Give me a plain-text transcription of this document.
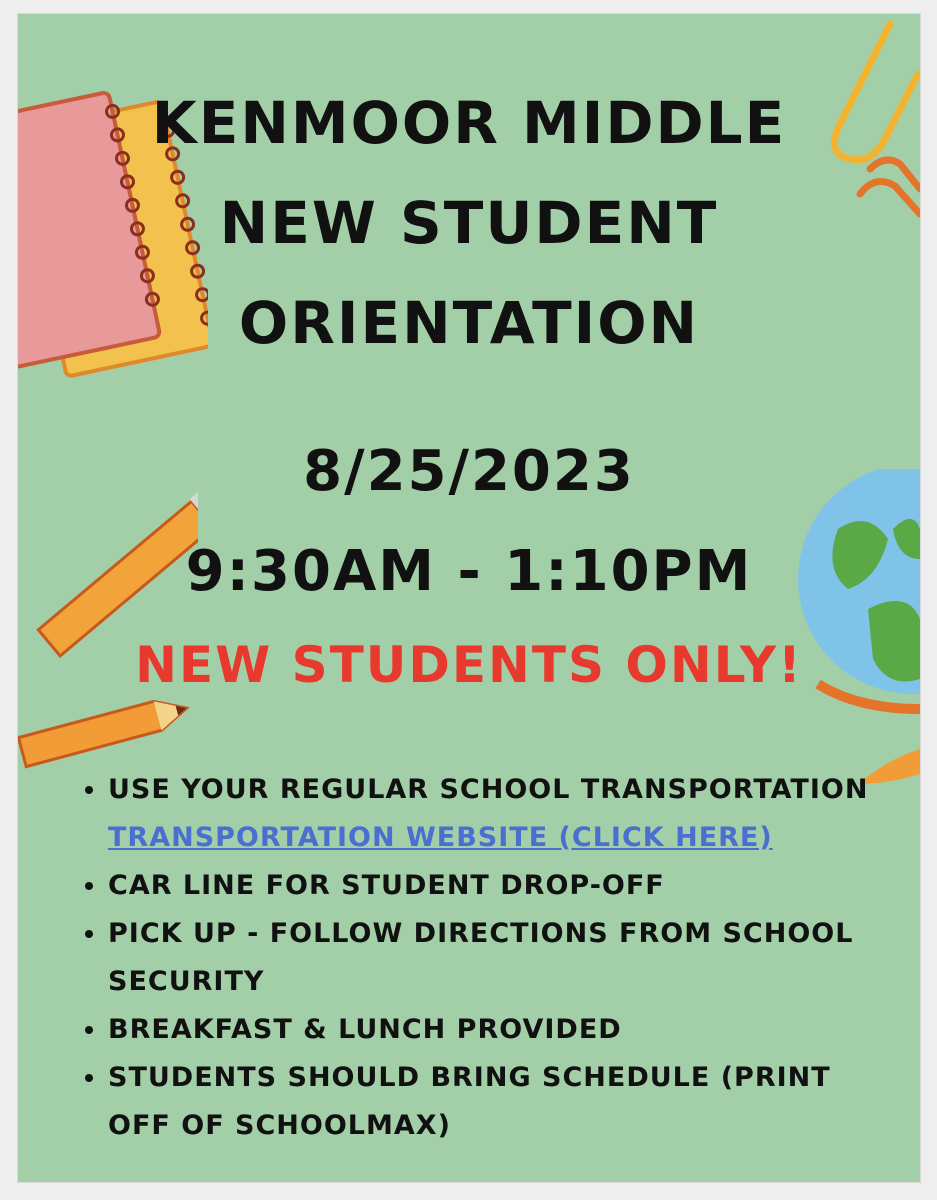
KENMOOR MIDDLE
NEW STUDENT
ORIENTATION
8/25/2023
9:30AM - 1:10PM
NEW STUDENTS ONLY!
• USE YOUR REGULAR SCHOOL TRANSPORTATION
TRANSPORTATION WEBSITE (CLICK HERE)
• CAR LINE FOR STUDENT DROP-OFF
• PICK UP - FOLLOW DIRECTIONS FROM SCHOOL SECURITY
• BREAKFAST & LUNCH PROVIDED
• STUDENTS SHOULD BRING SCHEDULE (PRINT OFF OF SCHOOLMAX)
